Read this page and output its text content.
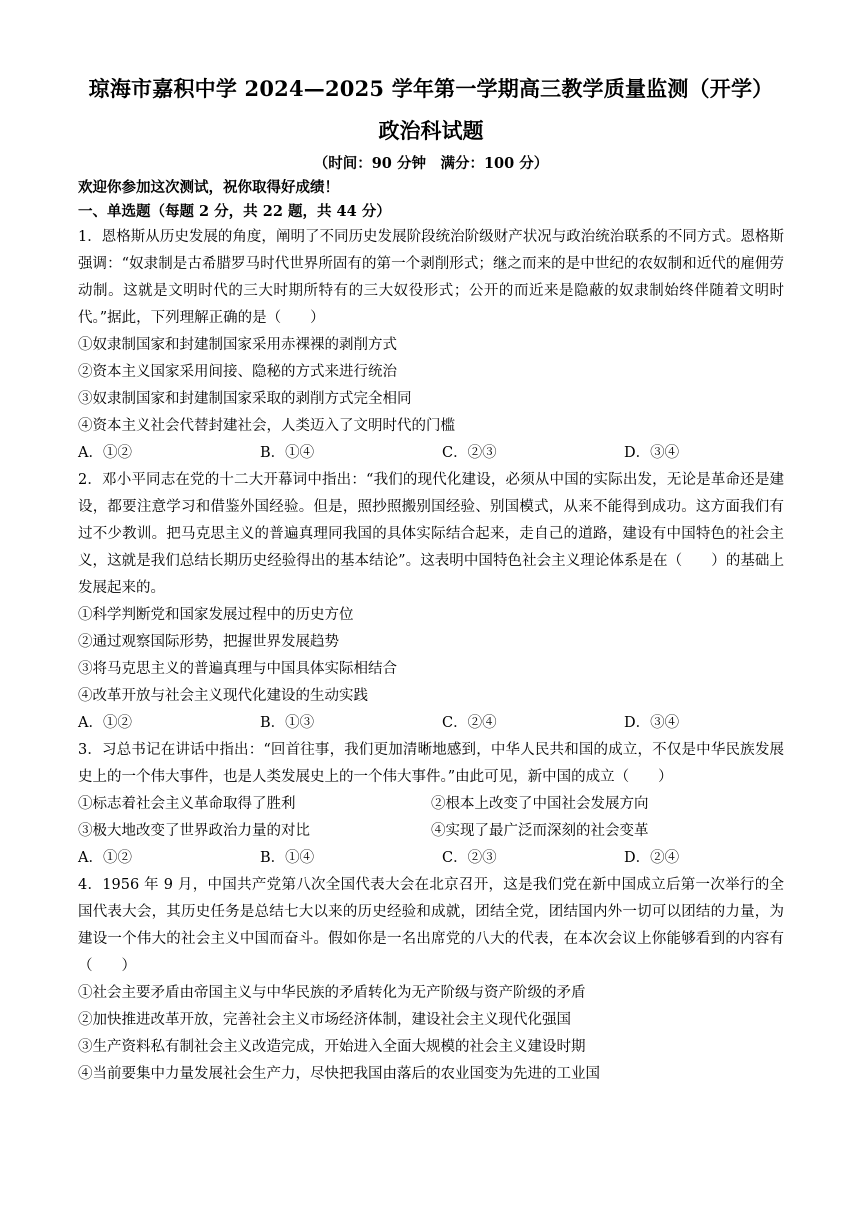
琼海市嘉积中学 2024—2025 学年第一学期高三教学质量监测（开学）

政治科试题

（时间：90 分钟　满分：100 分）

欢迎你参加这次测试，祝你取得好成绩！

一、单选题（每题 2 分，共 22 题，共 44 分）

1．恩格斯从历史发展的角度，阐明了不同历史发展阶段统治阶级财产状况与政治统治联系的不同方式。恩格斯强调：“奴隶制是古希腊罗马时代世界所固有的第一个剥削形式；继之而来的是中世纪的农奴制和近代的雇佣劳动制。这就是文明时代的三大时期所特有的三大奴役形式；公开的而近来是隐蔽的奴隶制始终伴随着文明时代。”据此，下列理解正确的是（　　）

①奴隶制国家和封建制国家采用赤裸裸的剥削方式

②资本主义国家采用间接、隐秘的方式来进行统治

③奴隶制国家和封建制国家采取的剥削方式完全相同

④资本主义社会代替封建社会，人类迈入了文明时代的门槛

A．①②	B．①④	C．②③	D．③④

2．邓小平同志在党的十二大开幕词中指出：“我们的现代化建设，必须从中国的实际出发，无论是革命还是建设，都要注意学习和借鉴外国经验。但是，照抄照搬别国经验、别国模式，从来不能得到成功。这方面我们有过不少教训。把马克思主义的普遍真理同我国的具体实际结合起来，走自己的道路，建设有中国特色的社会主义，这就是我们总结长期历史经验得出的基本结论”。这表明中国特色社会主义理论体系是在（　　）的基础上发展起来的。

①科学判断党和国家发展过程中的历史方位

②通过观察国际形势，把握世界发展趋势

③将马克思主义的普遍真理与中国具体实际相结合

④改革开放与社会主义现代化建设的生动实践

A．①②	B．①③	C．②④	D．③④

3．习总书记在讲话中指出：“回首往事，我们更加清晰地感到，中华人民共和国的成立，不仅是中华民族发展史上的一个伟大事件，也是人类发展史上的一个伟大事件。”由此可见，新中国的成立（　　）

①标志着社会主义革命取得了胜利	②根本上改变了中国社会发展方向
③极大地改变了世界政治力量的对比	④实现了最广泛而深刻的社会变革
A．①②	B．①④	C．②③	D．②④

4．1956 年 9 月，中国共产党第八次全国代表大会在北京召开，这是我们党在新中国成立后第一次举行的全国代表大会，其历史任务是总结七大以来的历史经验和成就，团结全党，团结国内外一切可以团结的力量，为建设一个伟大的社会主义中国而奋斗。假如你是一名出席党的八大的代表，在本次会议上你能够看到的内容有（　　）

①社会主要矛盾由帝国主义与中华民族的矛盾转化为无产阶级与资产阶级的矛盾

②加快推进改革开放，完善社会主义市场经济体制，建设社会主义现代化强国

③生产资料私有制社会主义改造完成，开始进入全面大规模的社会主义建设时期

④当前要集中力量发展社会生产力，尽快把我国由落后的农业国变为先进的工业国
